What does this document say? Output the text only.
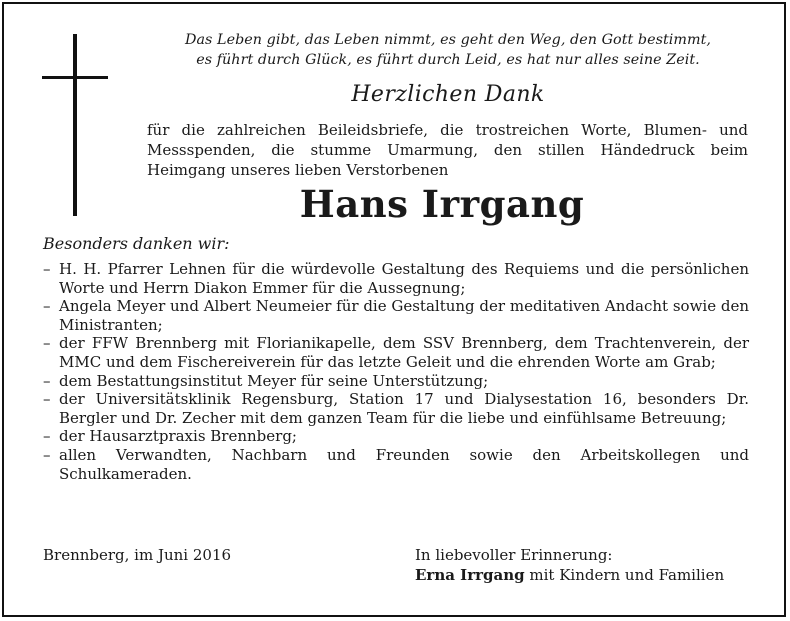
Das Leben gibt, das Leben nimmt, es geht den Weg, den Gott bestimmt,
es führt durch Glück, es führt durch Leid, es hat nur alles seine Zeit.
Herzlichen Dank
für die zahlreichen Beileidsbriefe, die trostreichen Worte, Blumen- und Messspenden, die stumme Umarmung, den stillen Händedruck beim Heimgang unseres lieben Verstorbenen
Hans Irrgang
Besonders danken wir:
– H. H. Pfarrer Lehnen für die würdevolle Gestaltung des Requiems und die persönlichen Worte und Herrn Diakon Emmer für die Aussegnung;
– Angela Meyer und Albert Neumeier für die Gestaltung der meditativen Andacht sowie den Ministranten;
– der FFW Brennberg mit Florianikapelle, dem SSV Brennberg, dem Trachtenverein, der MMC und dem Fischereiverein für das letzte Geleit und die ehrenden Worte am Grab;
– dem Bestattungsinstitut Meyer für seine Unterstützung;
– der Universitätsklinik Regensburg, Station 17 und Dialysestation 16, besonders Dr. Bergler und Dr. Zecher mit dem ganzen Team für die liebe und einfühlsame Betreuung;
– der Hausarztpraxis Brennberg;
– allen Verwandten, Nachbarn und Freunden sowie den Arbeitskollegen und Schulkameraden.
Brennberg, im Juni 2016	In liebevoller Erinnerung:
Erna Irrgang mit Kindern und Familien
